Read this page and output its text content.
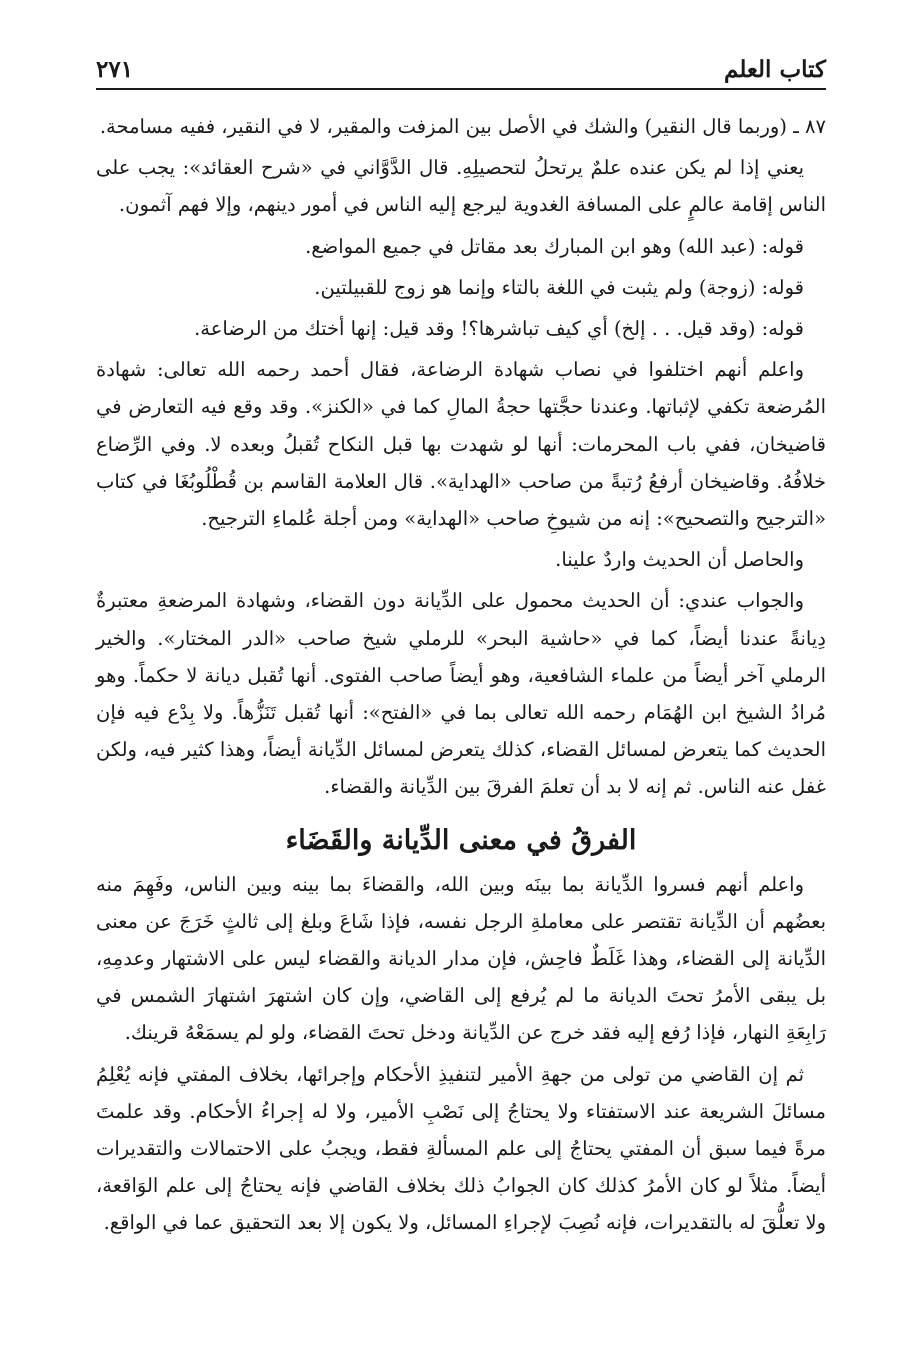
كتاب العلم
٢٧١

٨٧ ـ (وربما قال النقير) والشك في الأصل بين المزفت والمقير، لا في النقير، ففيه مسامحة.

يعني إذا لم يكن عنده علمٌ يرتحلُ لتحصيلِهِ. قال الدَّوَّاني في «شرح العقائد»: يجب على الناس إقامة عالمٍ على المسافة الغدوية ليرجع إليه الناس في أمور دينهم، وإلا فهم آثمون.

قوله: (عبد الله) وهو ابن المبارك بعد مقاتل في جميع المواضع.

قوله: (زوجة) ولم يثبت في اللغة بالتاء وإنما هو زوج للقبيلتين.

قوله: (وقد قيل. . . إلخ) أي كيف تباشرها؟! وقد قيل: إنها أختك من الرضاعة.

واعلم أنهم اختلفوا في نصاب شهادة الرضاعة، فقال أحمد رحمه الله تعالى: شهادة المُرضعة تكفي لإثباتها. وعندنا حجَّتها حجةُ المالِ كما في «الكنز». وقد وقع فيه التعارض في قاضيخان، ففي باب المحرمات: أنها لو شهدت بها قبل النكاح تُقبلُ وبعده لا. وفي الرِّضاع خلافُهُ. وقاضيخان أرفعُ رُتبةً من صاحب «الهداية». قال العلامة القاسم بن قُطْلُوبُغَا في كتاب «الترجيح والتصحيح»: إنه من شيوخِ صاحب «الهداية» ومن أجلة عُلماءِ الترجيح.

والحاصل أن الحديث واردٌ علينا.

والجواب عندي: أن الحديث محمول على الدِّيانة دون القضاء، وشهادة المرضعةِ معتبرةٌ دِيانةً عندنا أيضاً، كما في «حاشية البحر» للرملي شيخ صاحب «الدر المختار». والخير الرملي آخر أيضاً من علماء الشافعية، وهو أيضاً صاحب الفتوى. أنها تُقبل ديانة لا حكماً. وهو مُرادُ الشيخ ابن الهُمَام رحمه الله تعالى بما في «الفتح»: أنها تُقبل تَنَزُّهاً. ولا بِدْع فيه فإن الحديث كما يتعرض لمسائل القضاء، كذلك يتعرض لمسائل الدِّيانة أيضاً، وهذا كثير فيه، ولكن غفل عنه الناس. ثم إنه لا بد أن تعلمَ الفرقَ بين الدِّيانة والقضاء.

الفرقُ في معنى الدِّيانة والقَضَاء

واعلم أنهم فسروا الدِّيانة بما بينَه وبين الله، والقضاءَ بما بينه وبين الناس، وفَهِمَ منه بعضُهم أن الدِّيانة تقتصر على معاملةِ الرجل نفسه، فإذا شَاعَ وبلغ إلى ثالثٍ خَرَجَ عن معنى الدِّيانة إلى القضاء، وهذا غَلَطٌ فاحِش، فإن مدار الديانة والقضاء ليس على الاشتهار وعدمِهِ، بل يبقى الأمرُ تحتَ الديانة ما لم يُرفع إلى القاضي، وإن كان اشتهرَ اشتهارَ الشمس في رَابِعَةِ النهار، فإذا رُفع إليه فقد خرج عن الدِّيانة ودخل تحتَ القضاء، ولو لم يسمَعْهُ قرينك.

ثم إن القاضي من تولى من جهةِ الأمير لتنفيذِ الأحكام وإجرائها، بخلاف المفتي فإنه يُعْلِمُ مسائلَ الشريعة عند الاستفتاء ولا يحتاجُ إلى نَصْبِ الأمير، ولا له إجراءُ الأحكام. وقد علمتَ مرةً فيما سبق أن المفتي يحتاجُ إلى علم المسألةِ فقط، ويجبُ على الاحتمالات والتقديرات أيضاً. مثلاً لو كان الأمرُ كذلك كان الجوابُ ذلك بخلاف القاضي فإنه يحتاجُ إلى علم الوَاقعة، ولا تعلُّقَ له بالتقديرات، فإنه نُصِبَ لإجراءِ المسائل، ولا يكون إلا بعد التحقيق عما في الواقع.
